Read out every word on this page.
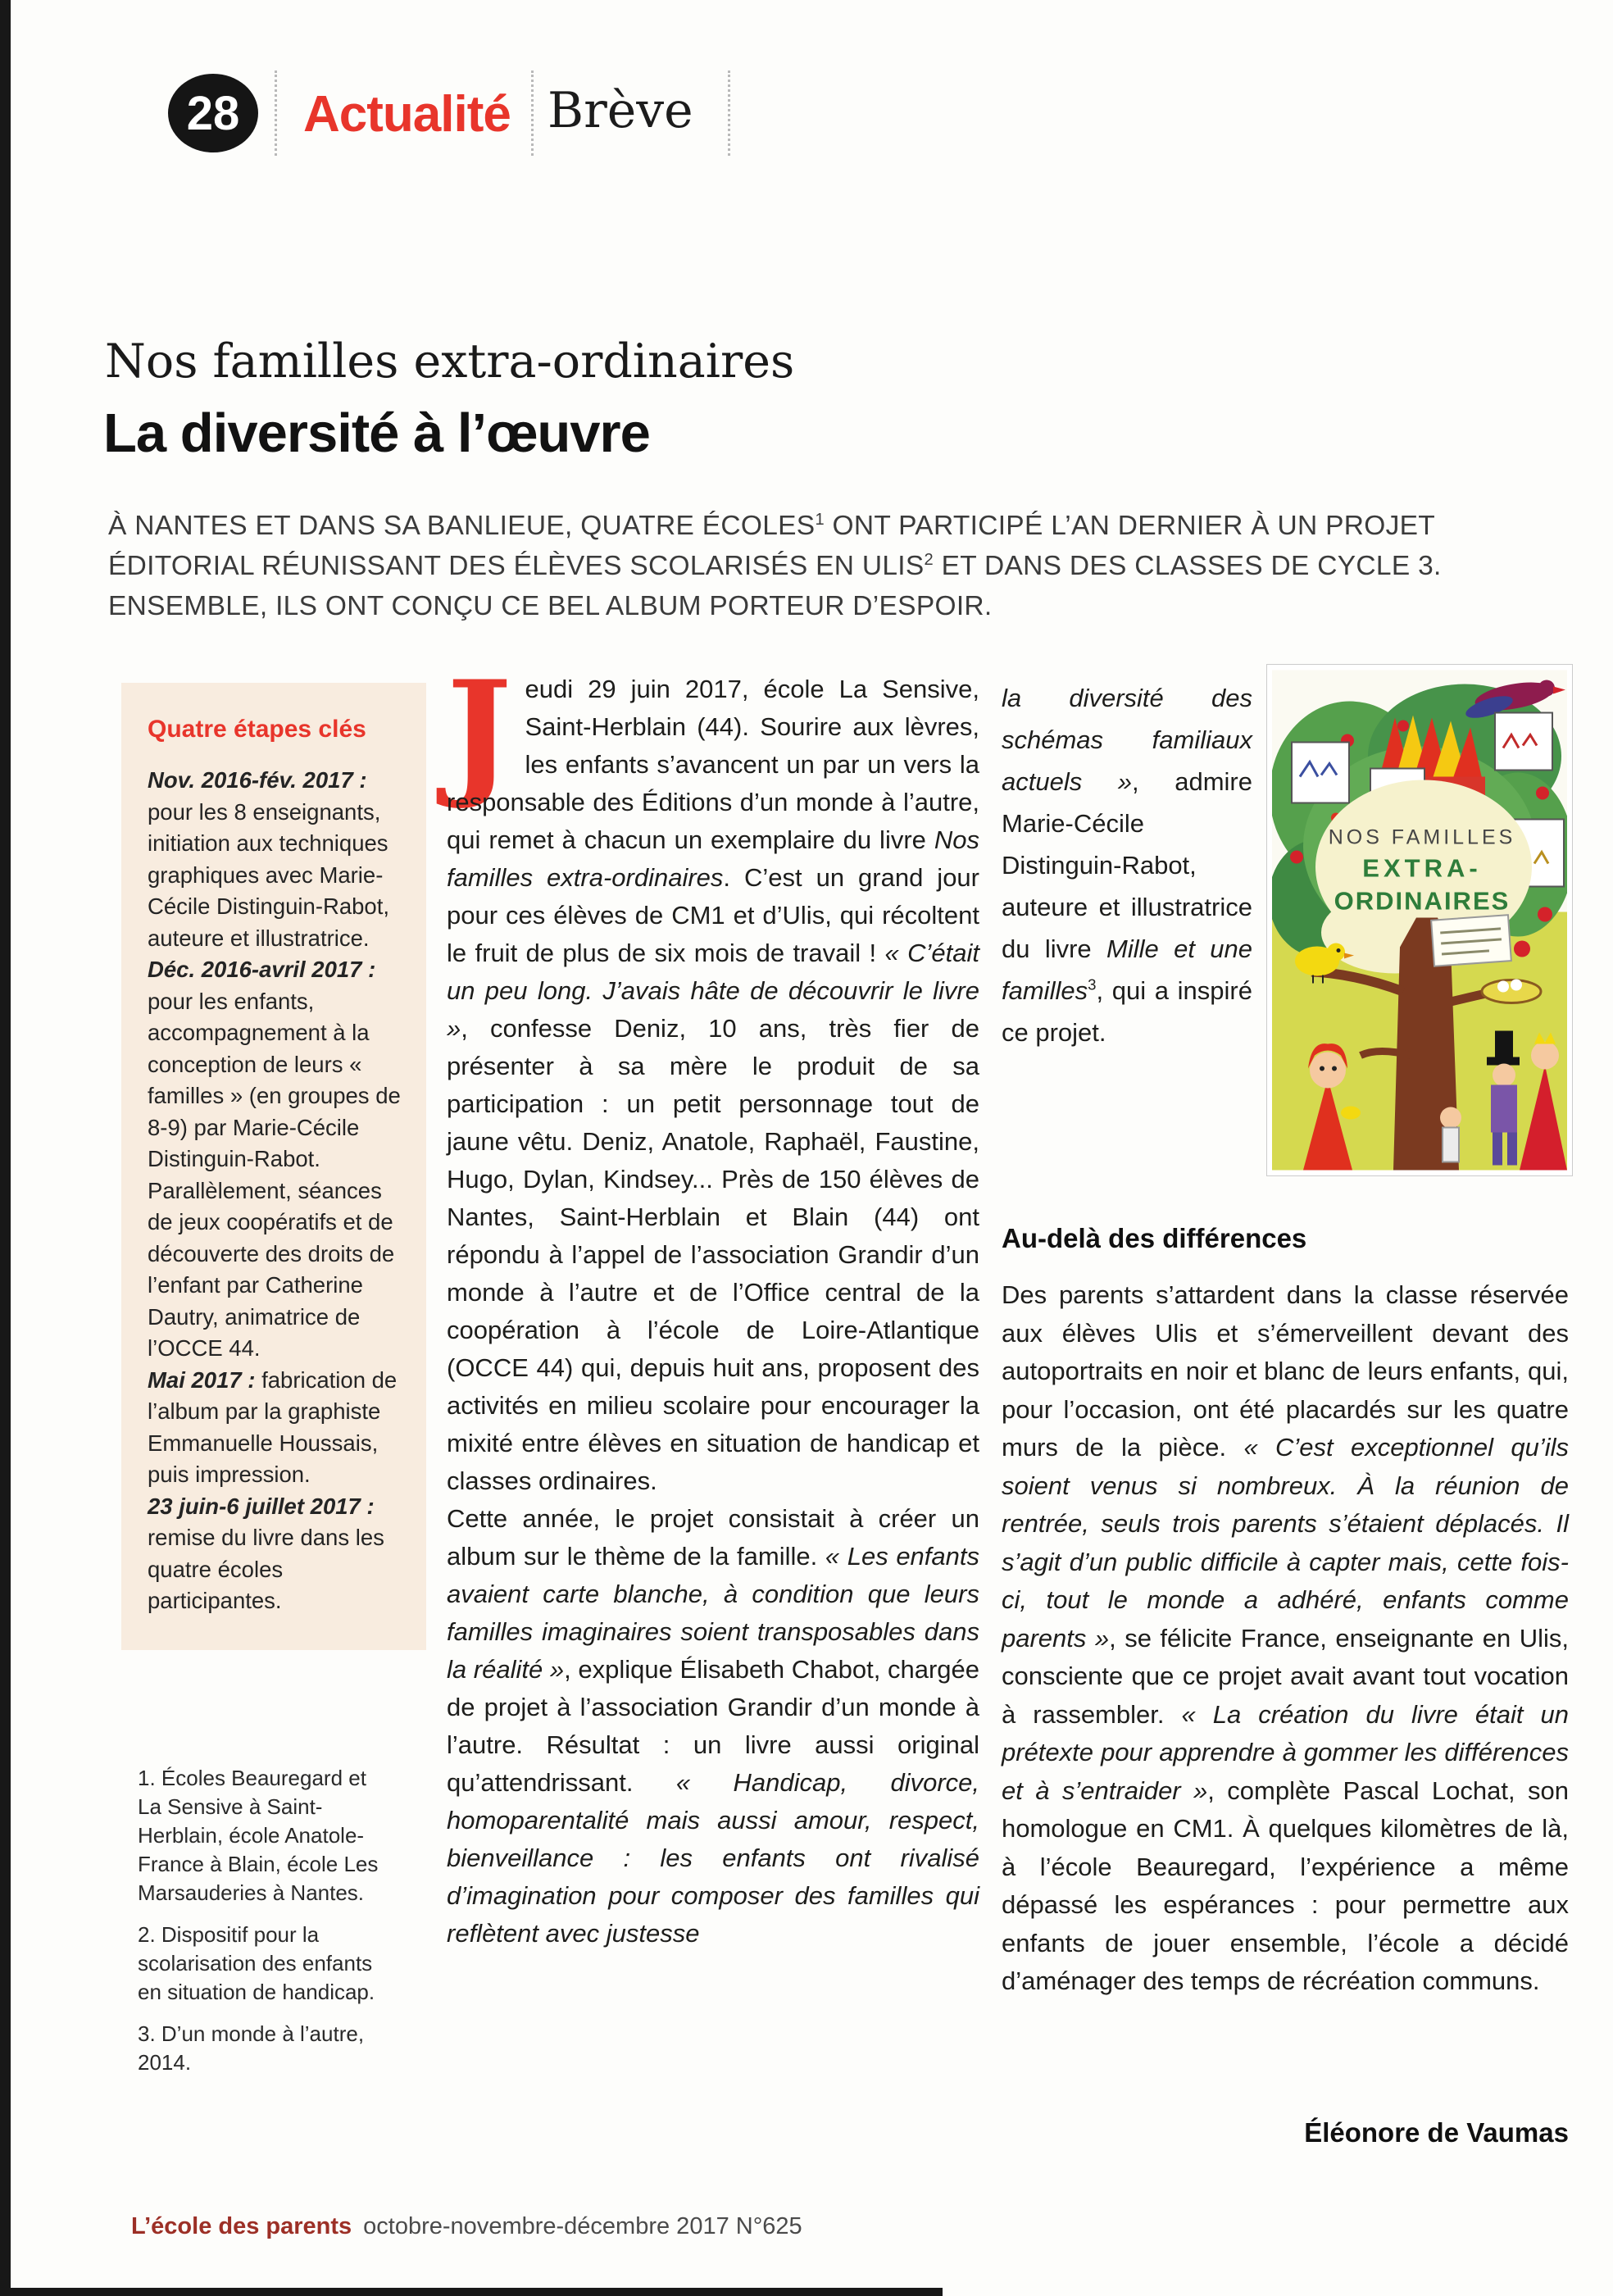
28 Actualité Brève
Nos familles extra-ordinaires
La diversité à l’œuvre
À NANTES ET DANS SA BANLIEUE, QUATRE ÉCOLES$^1$ ONT PARTICIPÉ L’AN DERNIER À UN PROJET ÉDITORIAL RÉUNISSANT DES ÉLÈVES SCOLARISÉS EN ULIS$^2$ ET DANS DES CLASSES DE CYCLE 3. ENSEMBLE, ILS ONT CONÇU CE BEL ALBUM PORTEUR D’ESPOIR.
Quatre étapes clés

Nov. 2016-fév. 2017 : pour les 8 enseignants, initiation aux techniques graphiques avec Marie-Cécile Distinguin-Rabot, auteure et illustratrice.

Déc. 2016-avril 2017 : pour les enfants, accompagnement à la conception de leurs « familles » (en groupes de 8-9) par Marie-Cécile Distinguin-Rabot. Parallèlement, séances de jeux coopératifs et de découverte des droits de l’enfant par Catherine Dautry, animatrice de l’OCCE 44.

Mai 2017 : fabrication de l’album par la graphiste Emmanuelle Houssais, puis impression.

23 juin-6 juillet 2017 : remise du livre dans les quatre écoles participantes.

1. Écoles Beauregard et La Sensive à Saint-Herblain, école Anatole-France à Blain, école Les Marsauderies à Nantes.

2. Dispositif pour la scolarisation des enfants en situation de handicap.

3. D’un monde à l’autre, 2014.

Jeudi 29 juin 2017, école La Sensive, Saint-Herblain (44). Sourire aux lèvres, les enfants s’avancent un par un vers la responsable des Éditions d’un monde à l’autre, qui remet à chacun un exemplaire du livre Nos familles extra-ordinaires. C’est un grand jour pour ces élèves de CM1 et d’Ulis, qui récoltent le fruit de plus de six mois de travail ! « C’était un peu long. J’avais hâte de découvrir le livre », confesse Deniz, 10 ans, très fier de présenter à sa mère le produit de sa participation : un petit personnage tout de jaune vêtu. Deniz, Anatole, Raphaël, Faustine, Hugo, Dylan, Kindsey... Près de 150 élèves de Nantes, Saint-Herblain et Blain (44) ont répondu à l’appel de l’association Grandir d’un monde à l’autre et de l’Office central de la coopération à l’école de Loire-Atlantique (OCCE 44) qui, depuis huit ans, proposent des activités en milieu scolaire pour encourager la mixité entre élèves en situation de handicap et classes ordinaires.
Cette année, le projet consistait à créer un album sur le thème de la famille. « Les enfants avaient carte blanche, à condition que leurs familles imaginaires soient transposables dans la réalité », explique Élisabeth Chabot, chargée de projet à l’association Grandir d’un monde à l’autre. Résultat : un livre aussi original qu’attendrissant. « Handicap, divorce, homoparentalité mais aussi amour, respect, bienveillance : les enfants ont rivalisé d’imagination pour composer des familles qui reflètent avec justesse
la diversité des schémas familiaux actuels », admire Marie-Cécile Distinguin-Rabot, auteure et illustratrice du livre Mille et une familles$^3$, qui a inspiré ce projet.
NOS FAMILLES
EXTRA-
ORDINAIRES
Au-delà des différences
Des parents s’attardent dans la classe réservée aux élèves Ulis et s’émerveillent devant des autoportraits en noir et blanc de leurs enfants, qui, pour l’occasion, ont été placardés sur les quatre murs de la pièce. « C’est exceptionnel qu’ils soient venus si nombreux. À la réunion de rentrée, seuls trois parents s’étaient déplacés. Il s’agit d’un public difficile à capter mais, cette fois-ci, tout le monde a adhéré, enfants comme parents », se félicite France, enseignante en Ulis, consciente que ce projet avait avant tout vocation à rassembler. « La création du livre était un prétexte pour apprendre à gommer les différences et à s’entraider », complète Pascal Lochat, son homologue en CM1. À quelques kilomètres de là, à l’école Beauregard, l’expérience a même dépassé les espérances : pour permettre aux enfants de jouer ensemble, l’école a décidé d’aménager des temps de récréation communs.
Éléonore de Vaumas
L’école des parents octobre-novembre-décembre 2017 N°625
